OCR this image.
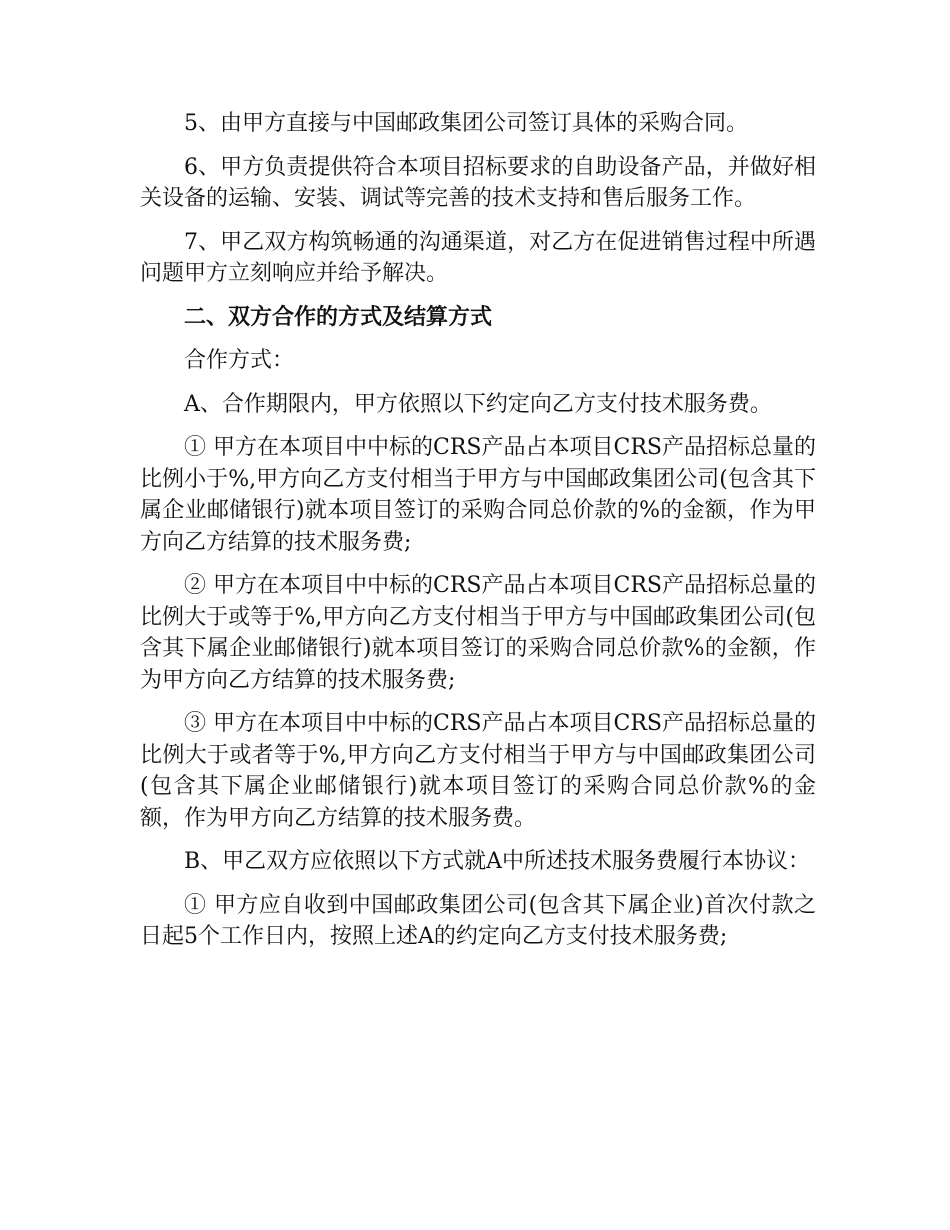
5、由甲方直接与中国邮政集团公司签订具体的采购合同。

6、甲方负责提供符合本项目招标要求的自助设备产品，并做好相关设备的运输、安装、调试等完善的技术支持和售后服务工作。

7、甲乙双方构筑畅通的沟通渠道，对乙方在促进销售过程中所遇问题甲方立刻响应并给予解决。

二、双方合作的方式及结算方式

合作方式：

A、合作期限内，甲方依照以下约定向乙方支付技术服务费。

① 甲方在本项目中中标的CRS产品占本项目CRS产品招标总量的比例小于%,甲方向乙方支付相当于甲方与中国邮政集团公司(包含其下属企业邮储银行)就本项目签订的采购合同总价款的%的金额，作为甲方向乙方结算的技术服务费;

② 甲方在本项目中中标的CRS产品占本项目CRS产品招标总量的比例大于或等于%,甲方向乙方支付相当于甲方与中国邮政集团公司(包含其下属企业邮储银行)就本项目签订的采购合同总价款%的金额，作为甲方向乙方结算的技术服务费;

③ 甲方在本项目中中标的CRS产品占本项目CRS产品招标总量的比例大于或者等于%,甲方向乙方支付相当于甲方与中国邮政集团公司(包含其下属企业邮储银行)就本项目签订的采购合同总价款%的金额，作为甲方向乙方结算的技术服务费。

B、甲乙双方应依照以下方式就A中所述技术服务费履行本协议：

① 甲方应自收到中国邮政集团公司(包含其下属企业)首次付款之日起5个工作日内，按照上述A的约定向乙方支付技术服务费;
